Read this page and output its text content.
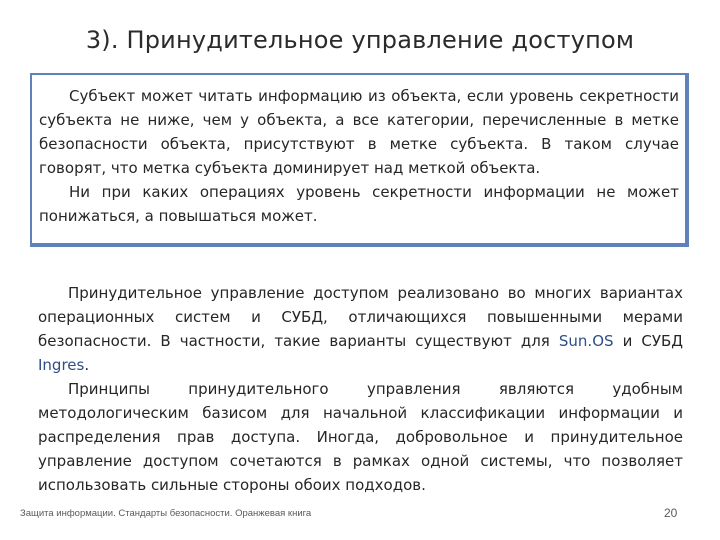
3). Принудительное управление доступом

Субъект может читать информацию из объекта, если уровень секретности субъекта не ниже, чем у объекта, а все категории, перечисленные в метке безопасности объекта, присутствуют в метке субъекта. В таком случае говорят, что метка субъекта доминирует над меткой объекта.

Ни при каких операциях уровень секретности информации не может понижаться, а повышаться может.

Принудительное управление доступом реализовано во многих вариантах операционных систем и СУБД, отличающихся повышенными мерами безопасности. В частности, такие варианты существуют для Sun.OS и СУБД Ingres.

Принципы принудительного управления являются удобным методологическим базисом для начальной классификации информации и распределения прав доступа. Иногда, добровольное и принудительное управление доступом сочетаются в рамках одной системы, что позволяет использовать сильные стороны обоих подходов.

Защита информации. Стандарты безопасности. Оранжевая книга	20
